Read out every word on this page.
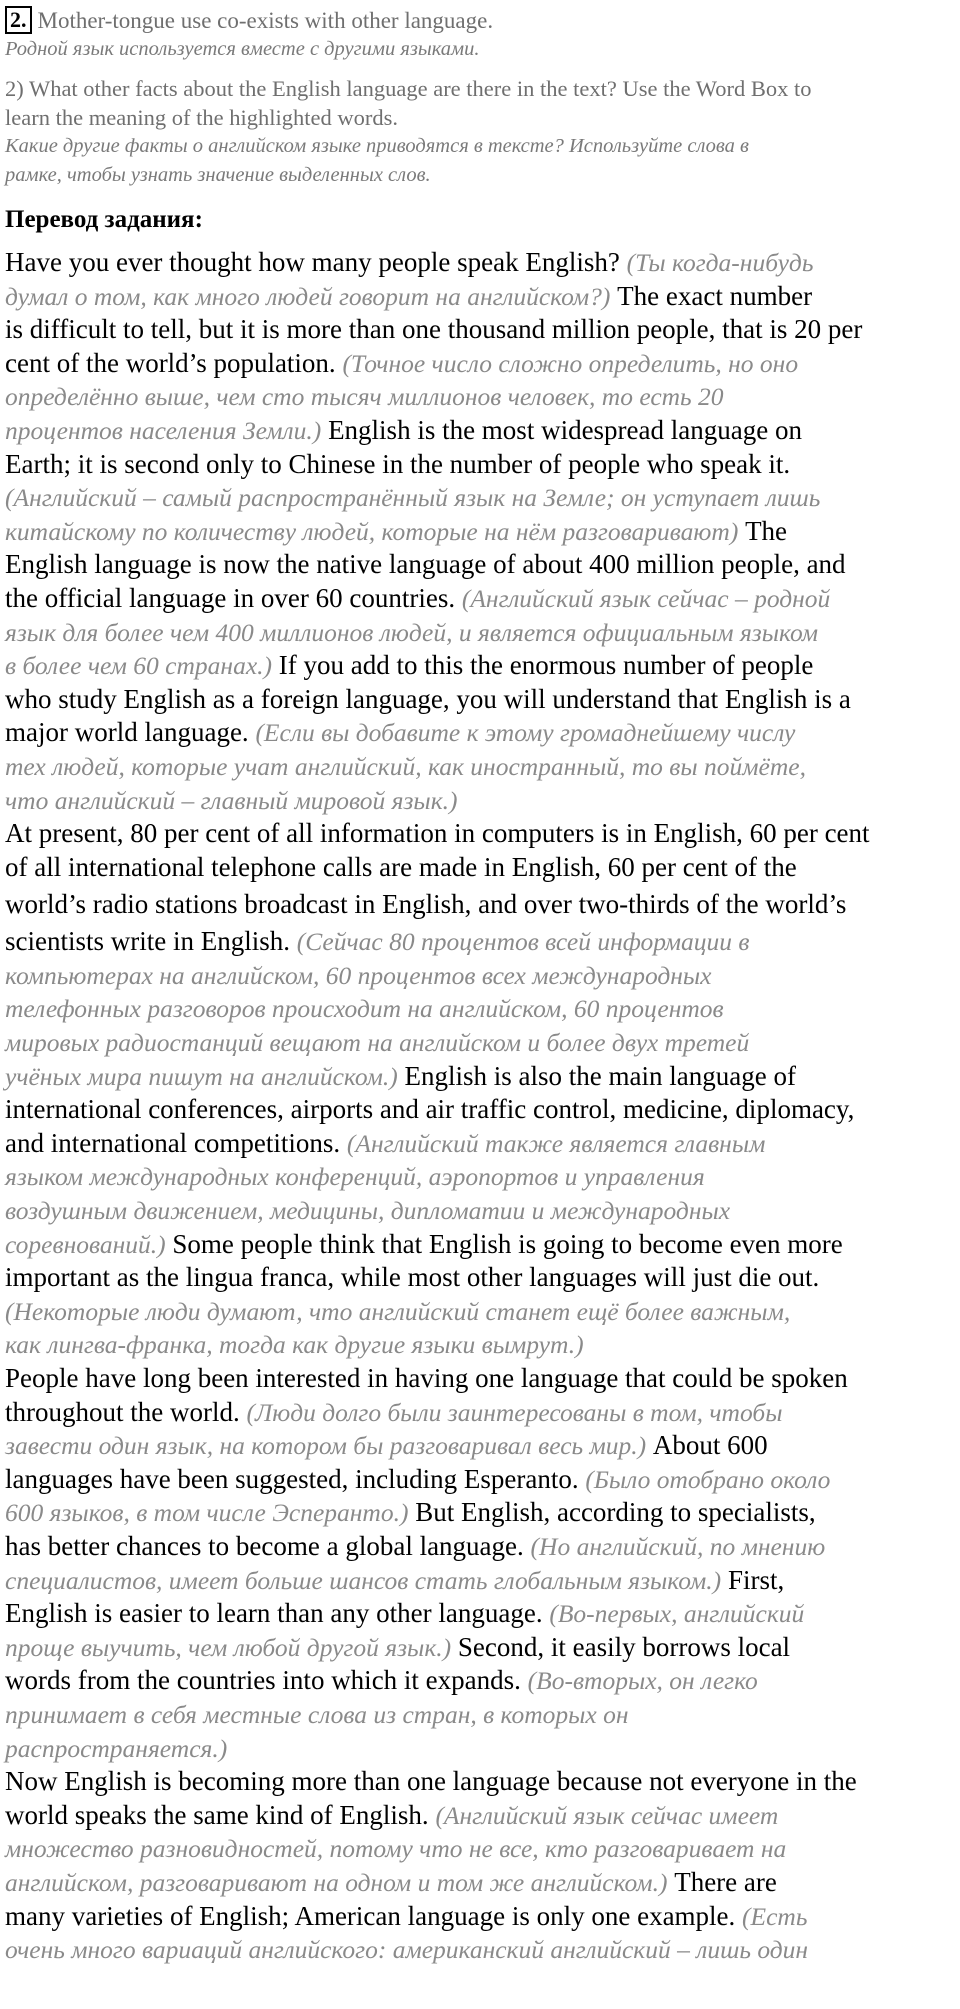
2. Mother-tongue use co-exists with other language.
Родной язык используется вместе с другими языками.
2) What other facts about the English language are there in the text? Use the Word Box to
learn the meaning of the highlighted words.
Какие другие факты о английском языке приводятся в тексте? Используйте слова в
рамке, чтобы узнать значение выделенных слов.
Перевод задания:
Have you ever thought how many people speak English? (Ты когда-нибудь
думал о том, как много людей говорит на английском?) The exact number
is difficult to tell, but it is more than one thousand million people, that is 20 per
cent of the world’s population. (Точное число сложно определить, но оно
определённо выше, чем сто тысяч миллионов человек, то есть 20
процентов населения Земли.) English is the most widespread language on
Earth; it is second only to Chinese in the number of people who speak it.
(Английский – самый распространённый язык на Земле; он уступает лишь
китайскому по количеству людей, которые на нём разговаривают) The
English language is now the native language of about 400 million people, and
the official language in over 60 countries. (Английский язык сейчас – родной
язык для более чем 400 миллионов людей, и является официальным языком
в более чем 60 странах.) If you add to this the enormous number of people
who study English as a foreign language, you will understand that English is a
major world language. (Если вы добавите к этому громаднейшему числу
тех людей, которые учат английский, как иностранный, то вы поймёте,
что английский – главный мировой язык.)
At present, 80 per cent of all information in computers is in English, 60 per cent
of all international telephone calls are made in English, 60 per cent of the
world’s radio stations broadcast in English, and over two-thirds of the world’s
scientists write in English. (Сейчас 80 процентов всей информации в
компьютерах на английском, 60 процентов всех международных
телефонных разговоров происходит на английском, 60 процентов
мировых радиостанций вещают на английском и более двух третей
учёных мира пишут на английском.) English is also the main language of
international conferences, airports and air traffic control, medicine, diplomacy,
and international competitions. (Английский также является главным
языком международных конференций, аэропортов и управления
воздушным движением, медицины, дипломатии и международных
соревнований.) Some people think that English is going to become even more
important as the lingua franca, while most other languages will just die out.
(Некоторые люди думают, что английский станет ещё более важным,
как лингва-франка, тогда как другие языки вымрут.)
People have long been interested in having one language that could be spoken
throughout the world. (Люди долго были заинтересованы в том, чтобы
завести один язык, на котором бы разговаривал весь мир.) About 600
languages have been suggested, including Esperanto. (Было отобрано около
600 языков, в том числе Эсперанто.) But English, according to specialists,
has better chances to become a global language. (Но английский, по мнению
специалистов, имеет больше шансов стать глобальным языком.) First,
English is easier to learn than any other language. (Во-первых, английский
проще выучить, чем любой другой язык.) Second, it easily borrows local
words from the countries into which it expands. (Во-вторых, он легко
принимает в себя местные слова из стран, в которых он
распространяется.)
Now English is becoming more than one language because not everyone in the
world speaks the same kind of English. (Английский язык сейчас имеет
множество разновидностей, потому что не все, кто разговаривает на
английском, разговаривают на одном и том же английском.) There are
many varieties of English; American language is only one example. (Есть
очень много вариаций английского: американский английский – лишь один
